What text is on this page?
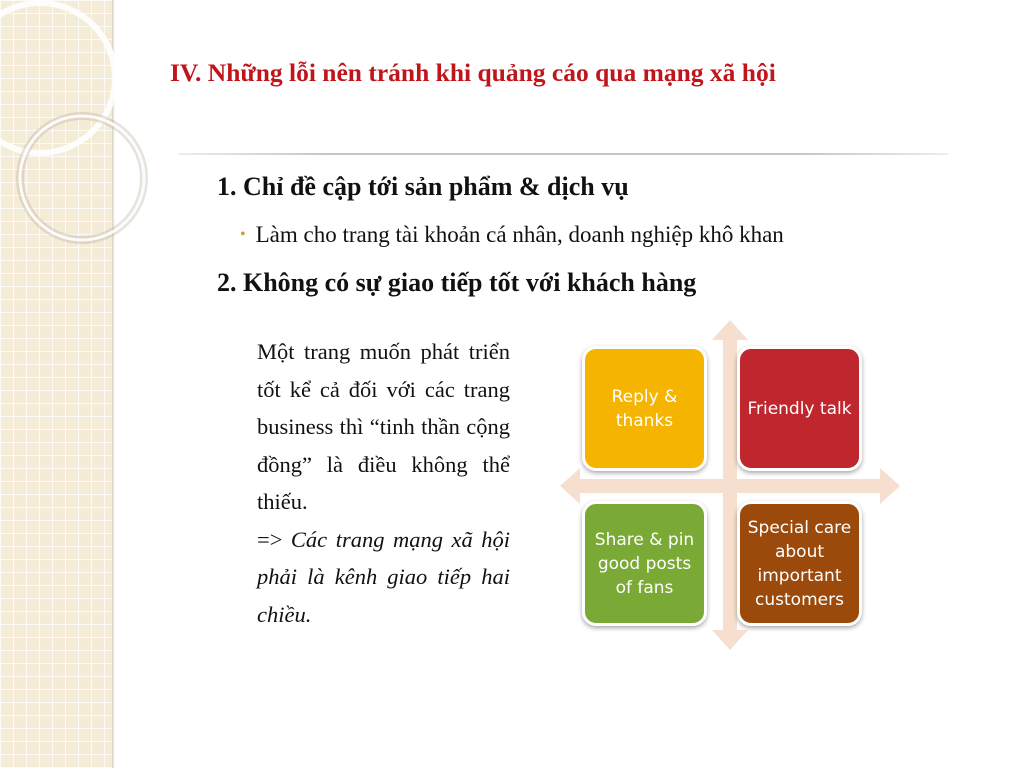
IV. Những lỗi nên tránh khi quảng cáo qua mạng xã hội
1. Chỉ đề cập tới sản phẩm & dịch vụ
• Làm cho trang tài khoản cá nhân, doanh nghiệp khô khan
2. Không có sự giao tiếp tốt với khách hàng
Một trang muốn phát triển tốt kể cả đối với các trang business thì “tinh thần cộng đồng” là điều không thể thiếu.
=> Các trang mạng xã hội phải là kênh giao tiếp hai chiều.
Reply & thanks
Friendly talk
Share & pin good posts of fans
Special care about important customers
